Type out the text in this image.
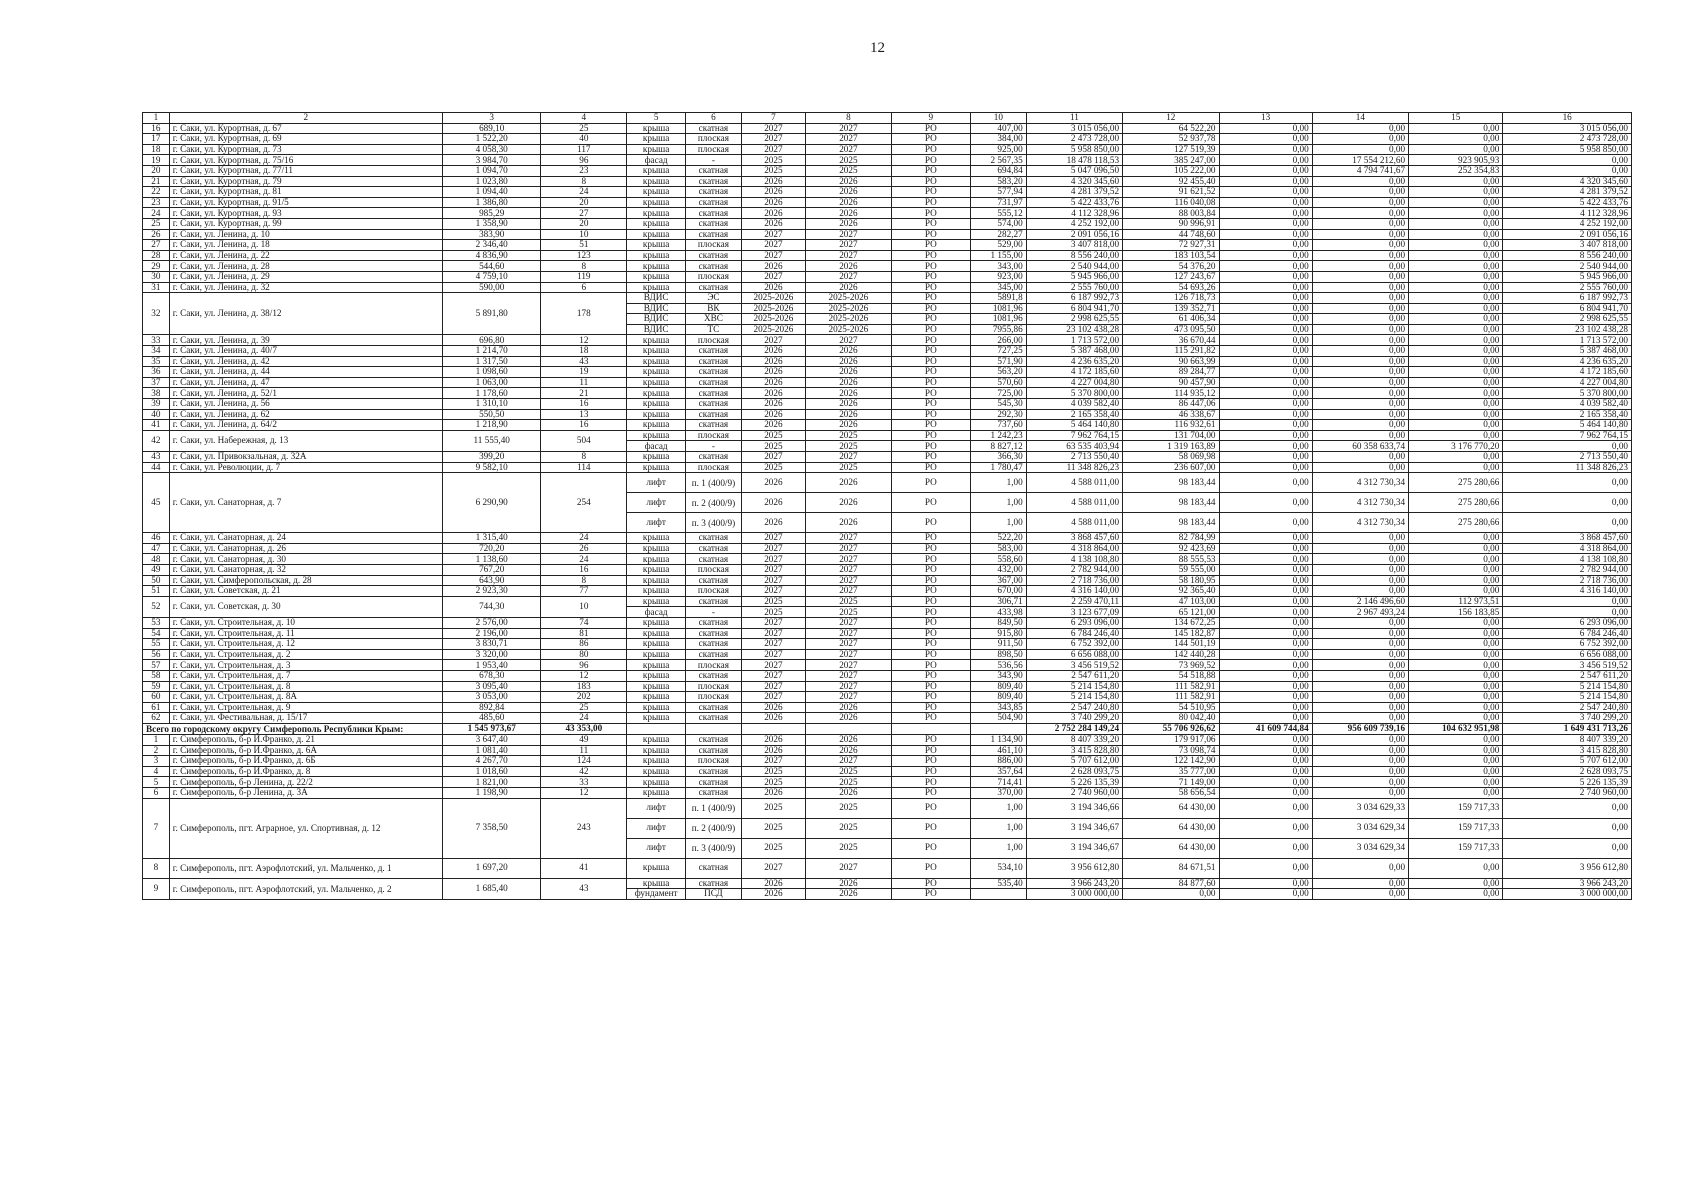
12
1	2	3	4	5	6	7	8	9	10	11	12	13	14	15	16
16	г. Саки, ул. Курортная, д. 67	689,10	25	крыша	скатная	2027	2027	РО	407,00	3 015 056,00	64 522,20	0,00	0,00	0,00	3 015 056,00
17	г. Саки, ул. Курортная, д. 69	1 522,20	40	крыша	плоская	2027	2027	РО	384,00	2 473 728,00	52 937,78	0,00	0,00	0,00	2 473 728,00
18	г. Саки, ул. Курортная, д. 73	4 058,30	117	крыша	плоская	2027	2027	РО	925,00	5 958 850,00	127 519,39	0,00	0,00	0,00	5 958 850,00
19	г. Саки, ул. Курортная, д. 75/16	3 984,70	96	фасад	-	2025	2025	РО	2 567,35	18 478 118,53	385 247,00	0,00	17 554 212,60	923 905,93	0,00
20	г. Саки, ул. Курортная, д. 77/11	1 094,70	23	крыша	скатная	2025	2025	РО	694,84	5 047 096,50	105 222,00	0,00	4 794 741,67	252 354,83	0,00
21	г. Саки, ул. Курортная, д. 79	1 023,80	8	крыша	скатная	2026	2026	РО	583,20	4 320 345,60	92 455,40	0,00	0,00	0,00	4 320 345,60
22	г. Саки, ул. Курортная, д. 81	1 094,40	24	крыша	скатная	2026	2026	РО	577,94	4 281 379,52	91 621,52	0,00	0,00	0,00	4 281 379,52
23	г. Саки, ул. Курортная, д. 91/5	1 386,80	20	крыша	скатная	2026	2026	РО	731,97	5 422 433,76	116 040,08	0,00	0,00	0,00	5 422 433,76
24	г. Саки, ул. Курортная, д. 93	985,29	27	крыша	скатная	2026	2026	РО	555,12	4 112 328,96	88 003,84	0,00	0,00	0,00	4 112 328,96
25	г. Саки, ул. Курортная, д. 99	1 358,90	20	крыша	скатная	2026	2026	РО	574,00	4 252 192,00	90 996,91	0,00	0,00	0,00	4 252 192,00
26	г. Саки, ул. Ленина, д. 10	383,90	10	крыша	скатная	2027	2027	РО	282,27	2 091 056,16	44 748,60	0,00	0,00	0,00	2 091 056,16
27	г. Саки, ул. Ленина, д. 18	2 346,40	51	крыша	плоская	2027	2027	РО	529,00	3 407 818,00	72 927,31	0,00	0,00	0,00	3 407 818,00
28	г. Саки, ул. Ленина, д. 22	4 836,90	123	крыша	скатная	2027	2027	РО	1 155,00	8 556 240,00	183 103,54	0,00	0,00	0,00	8 556 240,00
29	г. Саки, ул. Ленина, д. 28	544,60	8	крыша	скатная	2026	2026	РО	343,00	2 540 944,00	54 376,20	0,00	0,00	0,00	2 540 944,00
30	г. Саки, ул. Ленина, д. 29	4 759,10	119	крыша	плоская	2027	2027	РО	923,00	5 945 966,00	127 243,67	0,00	0,00	0,00	5 945 966,00
31	г. Саки, ул. Ленина, д. 32	590,00	6	крыша	скатная	2026	2026	РО	345,00	2 555 760,00	54 693,26	0,00	0,00	0,00	2 555 760,00
32	г. Саки, ул. Ленина, д. 38/12	5 891,80	178	ВДИС	ЭС	2025-2026	2025-2026	РО	5891,8	6 187 992,73	126 718,73	0,00	0,00	0,00	6 187 992,73
				ВДИС	ВК	2025-2026	2025-2026	РО	1081,96	6 804 941,70	139 352,71	0,00	0,00	0,00	6 804 941,70
				ВДИС	ХВС	2025-2026	2025-2026	РО	1081,96	2 998 625,55	61 406,34	0,00	0,00	0,00	2 998 625,55
				ВДИС	ТС	2025-2026	2025-2026	РО	7955,86	23 102 438,28	473 095,50	0,00	0,00	0,00	23 102 438,28
33	г. Саки, ул. Ленина, д. 39	696,80	12	крыша	плоская	2027	2027	РО	266,00	1 713 572,00	36 670,44	0,00	0,00	0,00	1 713 572,00
34	г. Саки, ул. Ленина, д. 40/7	1 214,70	18	крыша	скатная	2026	2026	РО	727,25	5 387 468,00	115 291,82	0,00	0,00	0,00	5 387 468,00
35	г. Саки, ул. Ленина, д. 42	1 317,50	43	крыша	скатная	2026	2026	РО	571,90	4 236 635,20	90 663,99	0,00	0,00	0,00	4 236 635,20
36	г. Саки, ул. Ленина, д. 44	1 098,60	19	крыша	скатная	2026	2026	РО	563,20	4 172 185,60	89 284,77	0,00	0,00	0,00	4 172 185,60
37	г. Саки, ул. Ленина, д. 47	1 063,00	11	крыша	скатная	2026	2026	РО	570,60	4 227 004,80	90 457,90	0,00	0,00	0,00	4 227 004,80
38	г. Саки, ул. Ленина, д. 52/1	1 178,60	21	крыша	скатная	2026	2026	РО	725,00	5 370 800,00	114 935,12	0,00	0,00	0,00	5 370 800,00
39	г. Саки, ул. Ленина, д. 56	1 310,10	16	крыша	скатная	2026	2026	РО	545,30	4 039 582,40	86 447,06	0,00	0,00	0,00	4 039 582,40
40	г. Саки, ул. Ленина, д. 62	550,50	13	крыша	скатная	2026	2026	РО	292,30	2 165 358,40	46 338,67	0,00	0,00	0,00	2 165 358,40
41	г. Саки, ул. Ленина, д. 64/2	1 218,90	16	крыша	скатная	2026	2026	РО	737,60	5 464 140,80	116 932,61	0,00	0,00	0,00	5 464 140,80
42	г. Саки, ул. Набережная, д. 13	11 555,40	504	крыша	плоская	2025	2025	РО	1 242,23	7 962 764,15	131 704,00	0,00	0,00	0,00	7 962 764,15
				фасад	-	2025	2025	РО	8 827,12	63 535 403,94	1 319 163,89	0,00	60 358 633,74	3 176 770,20	0,00
43	г. Саки, ул. Привокзальная, д. 32А	399,20	8	крыша	скатная	2027	2027	РО	366,30	2 713 550,40	58 069,98	0,00	0,00	0,00	2 713 550,40
44	г. Саки, ул. Революции, д. 7	9 582,10	114	крыша	плоская	2025	2025	РО	1 780,47	11 348 826,23	236 607,00	0,00	0,00	0,00	11 348 826,23
45	г. Саки, ул. Санаторная, д. 7	6 290,90	254	лифт	п. 1 (400/9)	2026	2026	РО	1,00	4 588 011,00	98 183,44	0,00	4 312 730,34	275 280,66	0,00
				лифт	п. 2 (400/9)	2026	2026	РО	1,00	4 588 011,00	98 183,44	0,00	4 312 730,34	275 280,66	0,00
				лифт	п. 3 (400/9)	2026	2026	РО	1,00	4 588 011,00	98 183,44	0,00	4 312 730,34	275 280,66	0,00
46	г. Саки, ул. Санаторная, д. 24	1 315,40	24	крыша	скатная	2027	2027	РО	522,20	3 868 457,60	82 784,99	0,00	0,00	0,00	3 868 457,60
47	г. Саки, ул. Санаторная, д. 26	720,20	26	крыша	скатная	2027	2027	РО	583,00	4 318 864,00	92 423,69	0,00	0,00	0,00	4 318 864,00
48	г. Саки, ул. Санаторная, д. 30	1 138,60	24	крыша	скатная	2027	2027	РО	558,60	4 138 108,80	88 555,53	0,00	0,00	0,00	4 138 108,80
49	г. Саки, ул. Санаторная, д. 32	767,20	16	крыша	плоская	2027	2027	РО	432,00	2 782 944,00	59 555,00	0,00	0,00	0,00	2 782 944,00
50	г. Саки, ул. Симферопольская, д. 28	643,90	8	крыша	скатная	2027	2027	РО	367,00	2 718 736,00	58 180,95	0,00	0,00	0,00	2 718 736,00
51	г. Саки, ул. Советская, д. 21	2 923,30	77	крыша	плоская	2027	2027	РО	670,00	4 316 140,00	92 365,40	0,00	0,00	0,00	4 316 140,00
52	г. Саки, ул. Советская, д. 30	744,30	10	крыша	скатная	2025	2025	РО	306,71	2 259 470,11	47 103,00	0,00	2 146 496,60	112 973,51	0,00
				фасад	-	2025	2025	РО	433,98	3 123 677,09	65 121,00	0,00	2 967 493,24	156 183,85	0,00
53	г. Саки, ул. Строительная, д. 10	2 576,00	74	крыша	скатная	2027	2027	РО	849,50	6 293 096,00	134 672,25	0,00	0,00	0,00	6 293 096,00
54	г. Саки, ул. Строительная, д. 11	2 196,00	81	крыша	скатная	2027	2027	РО	915,80	6 784 246,40	145 182,87	0,00	0,00	0,00	6 784 246,40
55	г. Саки, ул. Строительная, д. 12	3 830,71	86	крыша	скатная	2027	2027	РО	911,50	6 752 392,00	144 501,19	0,00	0,00	0,00	6 752 392,00
56	г. Саки, ул. Строительная, д. 2	3 320,00	80	крыша	скатная	2027	2027	РО	898,50	6 656 088,00	142 440,28	0,00	0,00	0,00	6 656 088,00
57	г. Саки, ул. Строительная, д. 3	1 953,40	96	крыша	плоская	2027	2027	РО	536,56	3 456 519,52	73 969,52	0,00	0,00	0,00	3 456 519,52
58	г. Саки, ул. Строительная, д. 7	678,30	12	крыша	скатная	2027	2027	РО	343,90	2 547 611,20	54 518,88	0,00	0,00	0,00	2 547 611,20
59	г. Саки, ул. Строительная, д. 8	3 095,40	183	крыша	плоская	2027	2027	РО	809,40	5 214 154,80	111 582,91	0,00	0,00	0,00	5 214 154,80
60	г. Саки, ул. Строительная, д. 8А	3 053,00	202	крыша	плоская	2027	2027	РО	809,40	5 214 154,80	111 582,91	0,00	0,00	0,00	5 214 154,80
61	г. Саки, ул. Строительная, д. 9	892,84	25	крыша	скатная	2026	2026	РО	343,85	2 547 240,80	54 510,95	0,00	0,00	0,00	2 547 240,80
62	г. Саки, ул. Фестивальная, д. 15/17	485,60	24	крыша	скатная	2026	2026	РО	504,90	3 740 299,20	80 042,40	0,00	0,00	0,00	3 740 299,20
Всего по городскому округу Симферополь Республики Крым:		1 545 973,67	43 353,00							2 752 284 149,24	55 706 926,62	41 609 744,84	956 609 739,16	104 632 951,98	1 649 431 713,26
1	г. Симферополь, б-р И.Франко, д. 21	3 647,40	49	крыша	скатная	2026	2026	РО	1 134,90	8 407 339,20	179 917,06	0,00	0,00	0,00	8 407 339,20
2	г. Симферополь, б-р И.Франко, д. 6А	1 081,40	11	крыша	скатная	2026	2026	РО	461,10	3 415 828,80	73 098,74	0,00	0,00	0,00	3 415 828,80
3	г. Симферополь, б-р И.Франко, д. 6Б	4 267,70	124	крыша	плоская	2027	2027	РО	886,00	5 707 612,00	122 142,90	0,00	0,00	0,00	5 707 612,00
4	г. Симферополь, б-р И.Франко, д. 8	1 018,60	42	крыша	скатная	2025	2025	РО	357,64	2 628 093,75	35 777,00	0,00	0,00	0,00	2 628 093,75
5	г. Симферополь, б-р Ленина, д. 22/2	1 821,00	33	крыша	скатная	2025	2025	РО	714,41	5 226 135,39	71 149,00	0,00	0,00	0,00	5 226 135,39
6	г. Симферополь, б-р Ленина, д. 3А	1 198,90	12	крыша	скатная	2026	2026	РО	370,00	2 740 960,00	58 656,54	0,00	0,00	0,00	2 740 960,00
7	г. Симферополь, пгт. Аграрное, ул. Спортивная, д. 12	7 358,50	243	лифт	п. 1 (400/9)	2025	2025	РО	1,00	3 194 346,66	64 430,00	0,00	3 034 629,33	159 717,33	0,00
				лифт	п. 2 (400/9)	2025	2025	РО	1,00	3 194 346,67	64 430,00	0,00	3 034 629,34	159 717,33	0,00
				лифт	п. 3 (400/9)	2025	2025	РО	1,00	3 194 346,67	64 430,00	0,00	3 034 629,34	159 717,33	0,00
8	г. Симферополь, пгт. Аэрофлотский, ул. Мальченко, д. 1	1 697,20	41	крыша	скатная	2027	2027	РО	534,10	3 956 612,80	84 671,51	0,00	0,00	0,00	3 956 612,80
9	г. Симферополь, пгт. Аэрофлотский, ул. Мальченко, д. 2	1 685,40	43	крыша	скатная	2026	2026	РО	535,40	3 966 243,20	84 877,60	0,00	0,00	0,00	3 966 243,20
				фундамент	ПСД	2026	2026	РО		3 000 000,00	0,00	0,00	0,00	0,00	3 000 000,00
